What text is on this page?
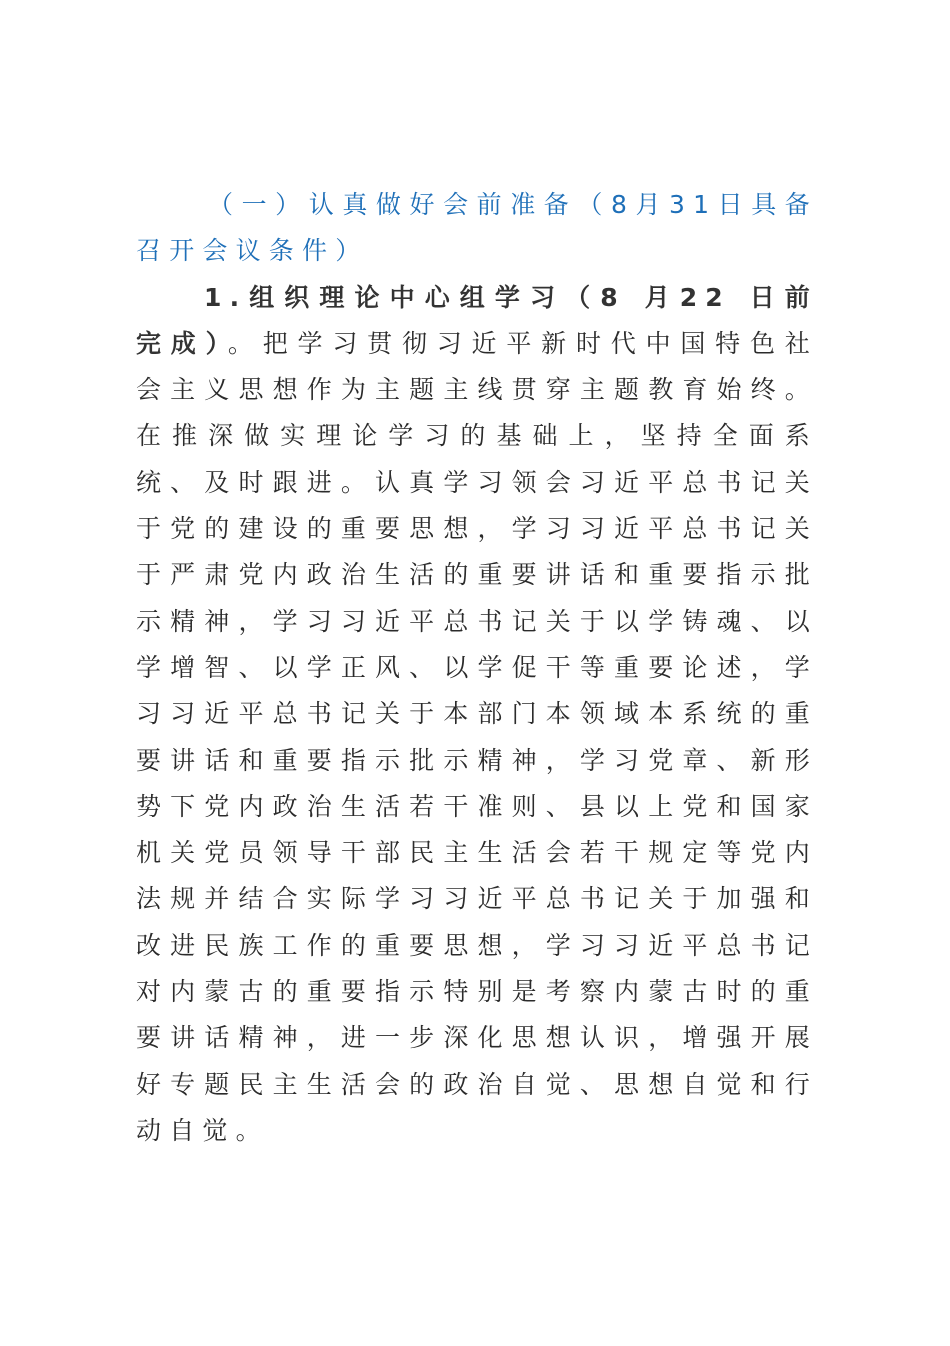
（一）认真做好会前准备（8月31日具备召开会议条件）

1.组织理论中心组学习（8 月22 日前完成）。把学习贯彻习近平新时代中国特色社会主义思想作为主题主线贯穿主题教育始终。在推深做实理论学习的基础上，坚持全面系统、及时跟进。认真学习领会习近平总书记关于党的建设的重要思想，学习习近平总书记关于严肃党内政治生活的重要讲话和重要指示批示精神，学习习近平总书记关于以学铸魂、以学增智、以学正风、以学促干等重要论述，学习习近平总书记关于本部门本领域本系统的重要讲话和重要指示批示精神，学习党章、新形势下党内政治生活若干准则、县以上党和国家机关党员领导干部民主生活会若干规定等党内法规并结合实际学习习近平总书记关于加强和改进民族工作的重要思想，学习习近平总书记对内蒙古的重要指示特别是考察内蒙古时的重要讲话精神，进一步深化思想认识，增强开展好专题民主生活会的政治自觉、思想自觉和行动自觉。
